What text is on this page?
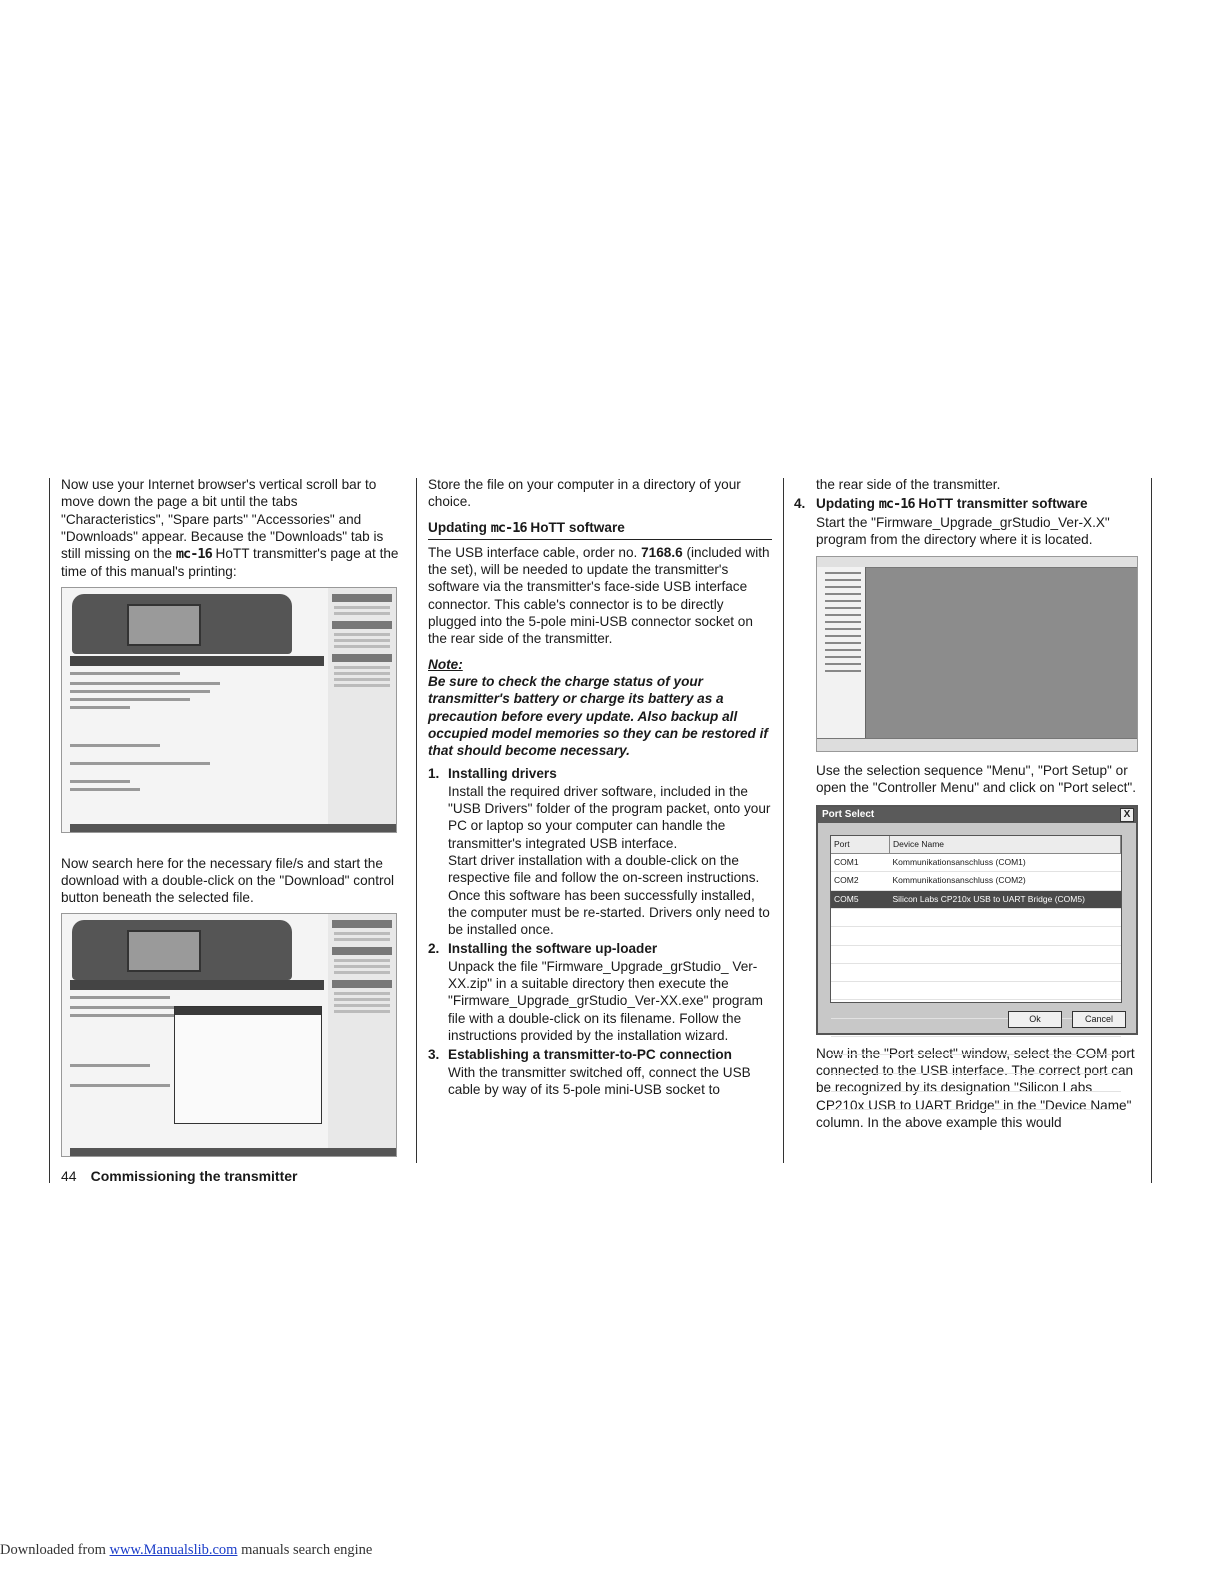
Now use your Internet browser's vertical scroll bar to move down the page a bit until the tabs "Characteristics", "Spare parts" "Accessories" and "Downloads" appear. Because the "Downloads" tab is still missing on the mc-16 HoTT transmitter's page at the time of this manual's printing:

Now search here for the necessary file/s and start the download with a double-click on the "Download" control button beneath the selected file.

Store the file on your computer in a directory of your choice.

Updating mc-16 HoTT software

The USB interface cable, order no. 7168.6 (included with the set), will be needed to update the transmitter's software via the transmitter's face-side USB interface connector. This cable's connector is to be directly plugged into the 5-pole mini-USB connector socket on the rear side of the transmitter.

Note:
Be sure to check the charge status of your transmitter's battery or charge its battery as a precaution before every update. Also backup all occupied model memories so they can be restored if that should become necessary.
1. Installing drivers

Install the required driver software, included in the "USB Drivers" folder of the program packet, onto your PC or laptop so your computer can handle the transmitter's integrated USB interface.

Start driver installation with a double-click on the respective file and follow the on-screen instructions. Once this software has been successfully installed, the computer must be re-started. Drivers only need to be installed once.

2. Installing the software up-loader

Unpack the file "Firmware_Upgrade_grStudio_ Ver-XX.zip" in a suitable directory then execute the "Firmware_Upgrade_grStudio_Ver-XX.exe" program file with a double-click on its filename. Follow the instructions provided by the installation wizard.

3. Establishing a transmitter-to-PC connection

With the transmitter switched off, connect the USB cable by way of its 5-pole mini-USB socket to

the rear side of the transmitter.

4. Updating mc-16 HoTT transmitter software

Start the "Firmware_Upgrade_grStudio_Ver-X.X" program from the directory where it is located.

Use the selection sequence "Menu", "Port Setup" or open the "Controller Menu" and click on "Port select".

Port Select	X
Port	Device Name
COM1	Kommunikationsanschluss (COM1)
COM2	Kommunikationsanschluss (COM2)
COM5	Silicon Labs CP210x USB to UART Bridge (COM5)

Ok	Cancel

Now in the "Port select" window, select the COM port connected to the USB interface. The correct port can be recognized by its designation "Silicon Labs CP210x USB to UART Bridge" in the "Device Name" column. In the above example this would

44 Commissioning the transmitter
Downloaded from www.Manualslib.com manuals search engine
